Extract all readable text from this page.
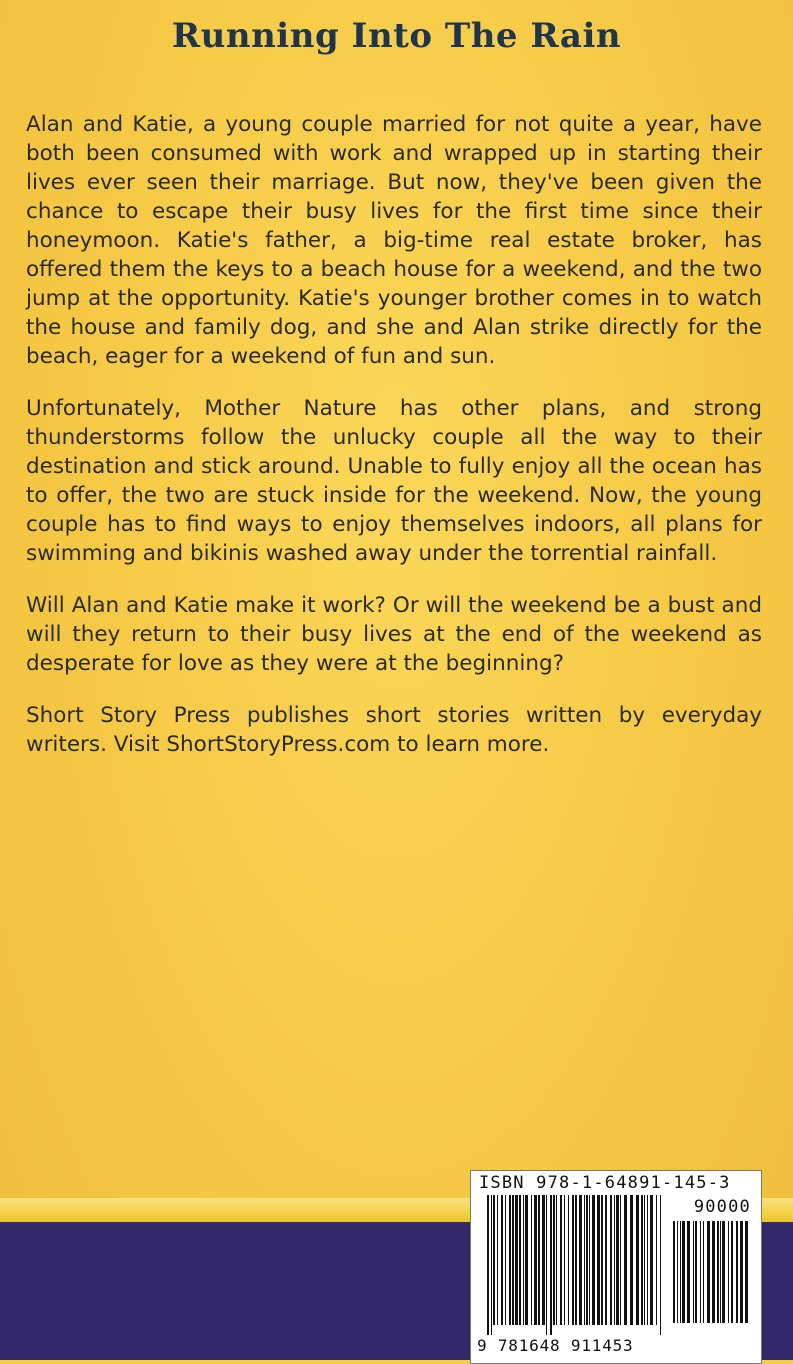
Running Into The Rain

Alan and Katie, a young couple married for not quite a year, have both been consumed with work and wrapped up in starting their lives ever seen their marriage. But now, they've been given the chance to escape their busy lives for the first time since their honeymoon. Katie's father, a big-time real estate broker, has offered them the keys to a beach house for a weekend, and the two jump at the opportunity. Katie's younger brother comes in to watch the house and family dog, and she and Alan strike directly for the beach, eager for a weekend of fun and sun.

Unfortunately, Mother Nature has other plans, and strong thunderstorms follow the unlucky couple all the way to their destination and stick around. Unable to fully enjoy all the ocean has to offer, the two are stuck inside for the weekend. Now, the young couple has to find ways to enjoy themselves indoors, all plans for swimming and bikinis washed away under the torrential rainfall.

Will Alan and Katie make it work? Or will the weekend be a bust and will they return to their busy lives at the end of the weekend as desperate for love as they were at the beginning?

Short Story Press publishes short stories written by everyday writers. Visit ShortStoryPress.com to learn more.

ISBN 978-1-64891-145-3
90000
9 781648 911453
